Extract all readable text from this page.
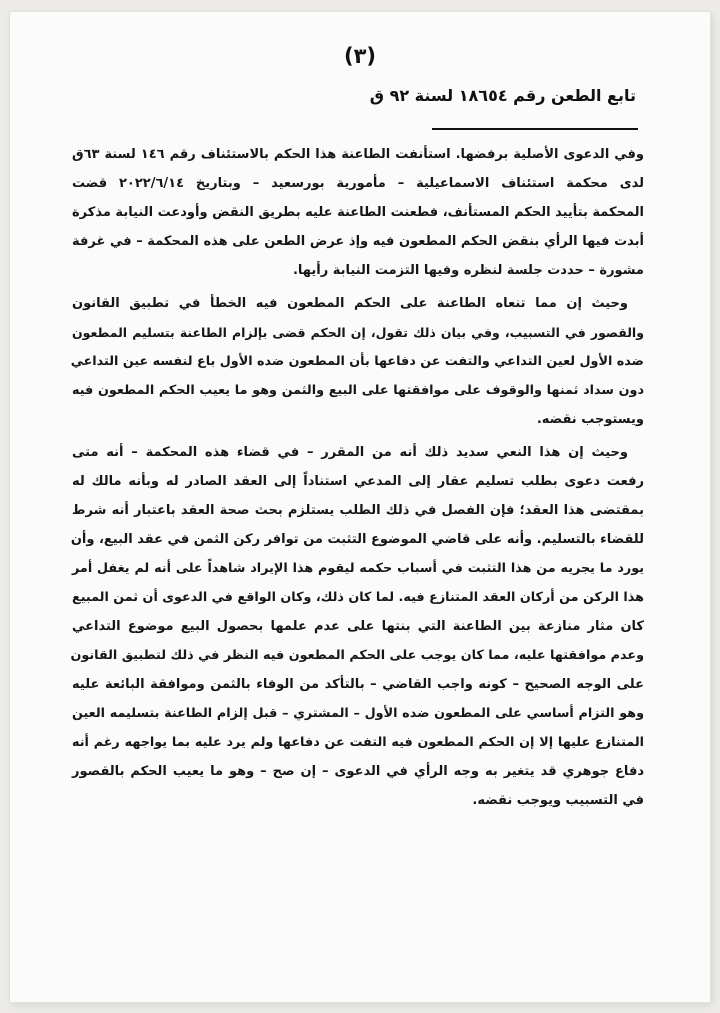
(٣)
تابع الطعن رقم ١٨٦٥٤ لسنة ٩٢ ق
وفي الدعوى الأصلية برفضها. استأنفت الطاعنة هذا الحكم بالاستئناف رقم ١٤٦ لسنة ٦٣ق
لدى محكمة استئناف الاسماعيلية – مأمورية بورسعيد – وبتاريخ ٢٠٢٢/٦/١٤ قضت
المحكمة بتأييد الحكم المستأنف، فطعنت الطاعنة عليه بطريق النقض وأودعت النيابة مذكرة
أبدت فيها الرأي بنقض الحكم المطعون فيه وإذ عرض الطعن على هذه المحكمة – في غرفة
مشورة – حددت جلسة لنظره وفيها التزمت النيابة رأيها.
وحيث إن مما تنعاه الطاعنة على الحكم المطعون فيه الخطأ في تطبيق القانون
والقصور في التسبيب، وفي بيان ذلك تقول، إن الحكم قضى بإلزام الطاعنة بتسليم المطعون
ضده الأول لعين التداعي والتفت عن دفاعها بأن المطعون ضده الأول باع لنفسه عين التداعي
دون سداد ثمنها والوقوف على موافقتها على البيع والثمن وهو ما يعيب الحكم المطعون فيه
ويستوجب نقضه.
وحيث إن هذا النعي سديد ذلك أنه من المقرر – في قضاء هذه المحكمة – أنه متى
رفعت دعوى بطلب تسليم عقار إلى المدعي استناداً إلى العقد الصادر له وبأنه مالك له
بمقتضى هذا العقد؛ فإن الفصل في ذلك الطلب يستلزم بحث صحة العقد باعتبار أنه شرط
للقضاء بالتسليم. وأنه على قاضي الموضوع التثبت من توافر ركن الثمن في عقد البيع، وأن
يورد ما يجريه من هذا التثبت في أسباب حكمه ليقوم هذا الإيراد شاهداً على أنه لم يغفل أمر
هذا الركن من أركان العقد المتنازع فيه. لما كان ذلك، وكان الواقع في الدعوى أن ثمن المبيع
كان مثار منازعة بين الطاعنة التي بنتها على عدم علمها بحصول البيع موضوع التداعي
وعدم موافقتها عليه، مما كان يوجب على الحكم المطعون فيه النظر في ذلك لتطبيق القانون
على الوجه الصحيح – كونه واجب القاضي – بالتأكد من الوفاء بالثمن وموافقة البائعة عليه
وهو التزام أساسي على المطعون ضده الأول – المشتري – قبل إلزام الطاعنة بتسليمه العين
المتنازع عليها إلا إن الحكم المطعون فيه التفت عن دفاعها ولم يرد عليه بما يواجهه رغم أنه
دفاع جوهري قد يتغير به وجه الرأي في الدعوى – إن صح – وهو ما يعيب الحكم بالقصور
في التسبيب ويوجب نقضه.
